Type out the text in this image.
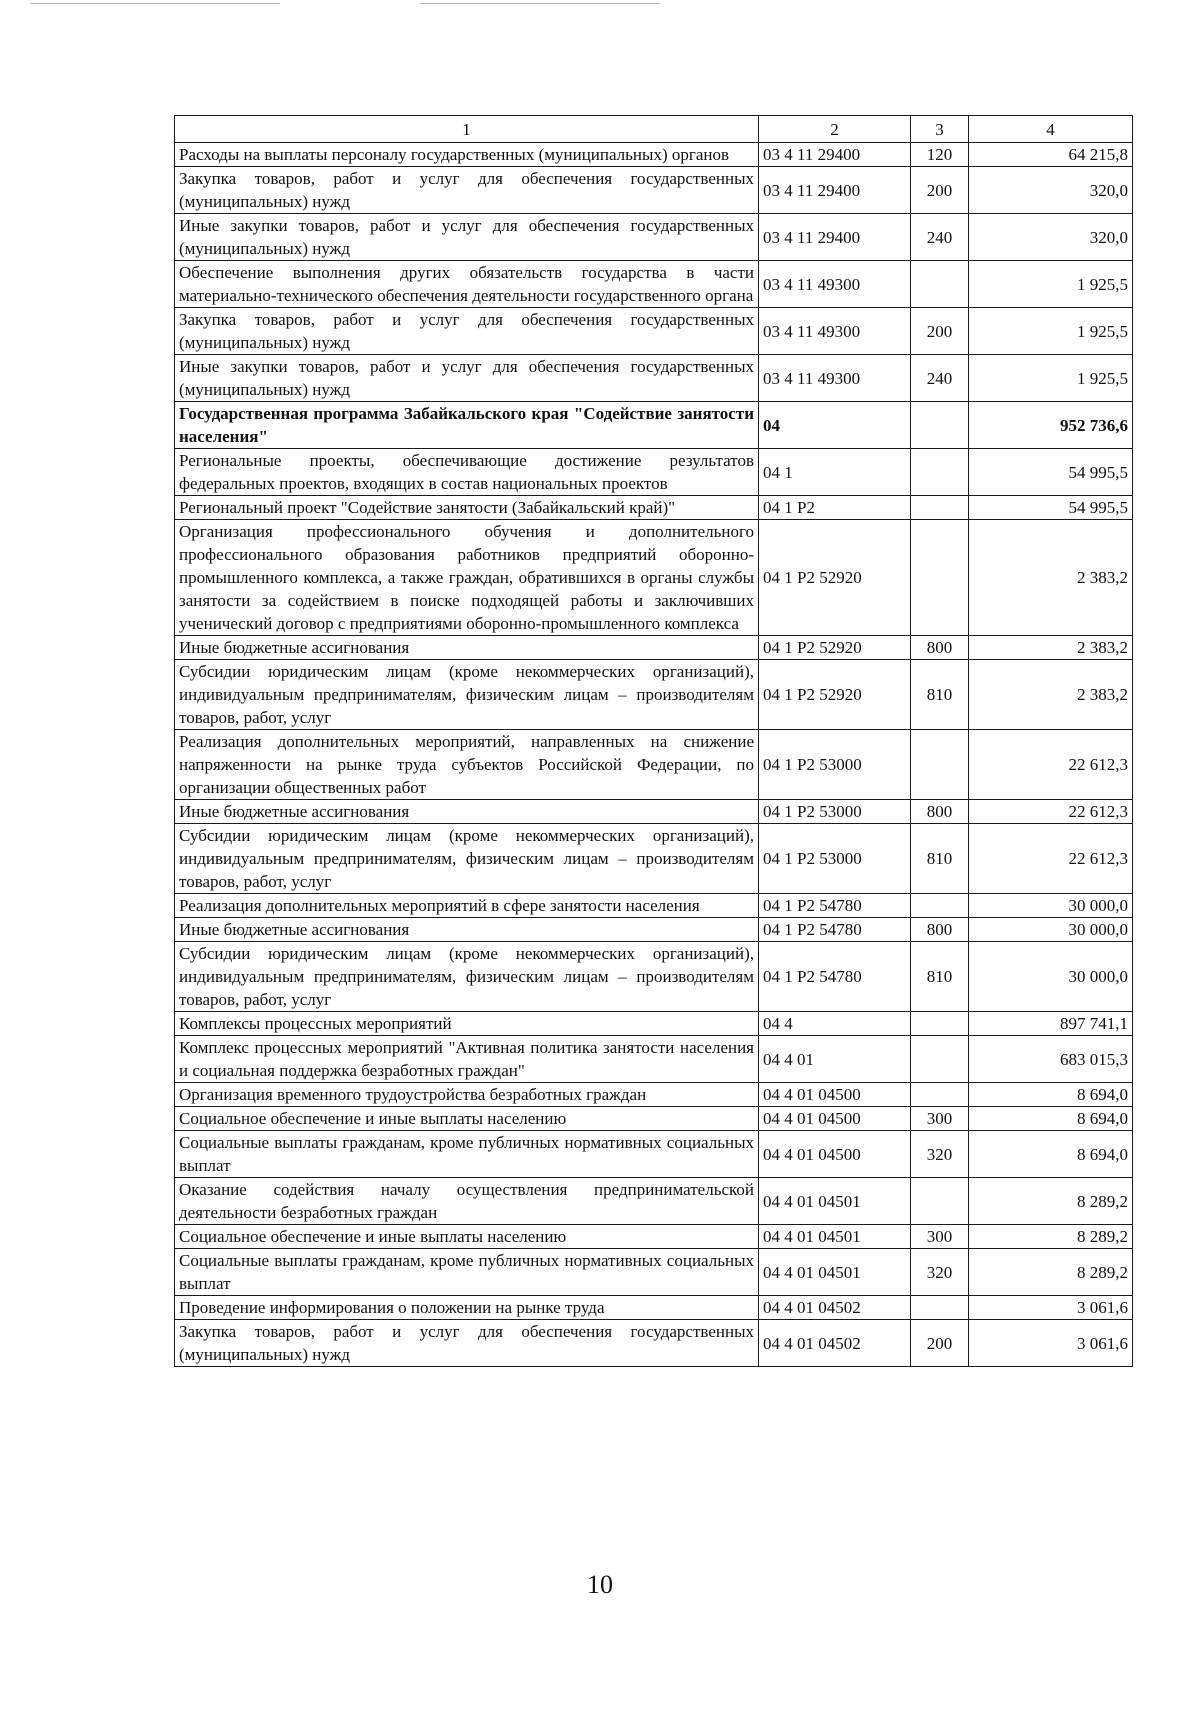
1	2	3	4
Расходы на выплаты персоналу государственных (муниципальных) органов	03 4 11 29400	120	64 215,8
Закупка товаров, работ и услуг для обеспечения государственных (муниципальных) нужд	03 4 11 29400	200	320,0
Иные закупки товаров, работ и услуг для обеспечения государственных (муниципальных) нужд	03 4 11 29400	240	320,0
Обеспечение выполнения других обязательств государства в части материально-технического обеспечения деятельности государственного органа	03 4 11 49300		1 925,5
Закупка товаров, работ и услуг для обеспечения государственных (муниципальных) нужд	03 4 11 49300	200	1 925,5
Иные закупки товаров, работ и услуг для обеспечения государственных (муниципальных) нужд	03 4 11 49300	240	1 925,5
Государственная программа Забайкальского края "Содействие занятости населения"	04		952 736,6
Региональные проекты, обеспечивающие достижение результатов федеральных проектов, входящих в состав национальных проектов	04 1		54 995,5
Региональный проект "Содействие занятости (Забайкальский край)"	04 1 Р2		54 995,5
Организация профессионального обучения и дополнительного профессионального образования работников предприятий оборонно-промышленного комплекса, а также граждан, обратившихся в органы службы занятости за содействием в поиске подходящей работы и заключивших ученический договор с предприятиями оборонно-промышленного комплекса	04 1 Р2 52920		2 383,2
Иные бюджетные ассигнования	04 1 Р2 52920	800	2 383,2
Субсидии юридическим лицам (кроме некоммерческих организаций), индивидуальным предпринимателям, физическим лицам – производителям товаров, работ, услуг	04 1 Р2 52920	810	2 383,2
Реализация дополнительных мероприятий, направленных на снижение напряженности на рынке труда субъектов Российской Федерации, по организации общественных работ	04 1 Р2 53000		22 612,3
Иные бюджетные ассигнования	04 1 Р2 53000	800	22 612,3
Субсидии юридическим лицам (кроме некоммерческих организаций), индивидуальным предпринимателям, физическим лицам – производителям товаров, работ, услуг	04 1 Р2 53000	810	22 612,3
Реализация дополнительных мероприятий в сфере занятости населения	04 1 Р2 54780		30 000,0
Иные бюджетные ассигнования	04 1 Р2 54780	800	30 000,0
Субсидии юридическим лицам (кроме некоммерческих организаций), индивидуальным предпринимателям, физическим лицам – производителям товаров, работ, услуг	04 1 Р2 54780	810	30 000,0
Комплексы процессных мероприятий	04 4		897 741,1
Комплекс процессных мероприятий "Активная политика занятости населения и социальная поддержка безработных граждан"	04 4 01		683 015,3
Организация временного трудоустройства безработных граждан	04 4 01 04500		8 694,0
Социальное обеспечение и иные выплаты населению	04 4 01 04500	300	8 694,0
Социальные выплаты гражданам, кроме публичных нормативных социальных выплат	04 4 01 04500	320	8 694,0
Оказание содействия началу осуществления предпринимательской деятельности безработных граждан	04 4 01 04501		8 289,2
Социальное обеспечение и иные выплаты населению	04 4 01 04501	300	8 289,2
Социальные выплаты гражданам, кроме публичных нормативных социальных выплат	04 4 01 04501	320	8 289,2
Проведение информирования о положении на рынке труда	04 4 01 04502		3 061,6
Закупка товаров, работ и услуг для обеспечения государственных (муниципальных) нужд	04 4 01 04502	200	3 061,6
10
